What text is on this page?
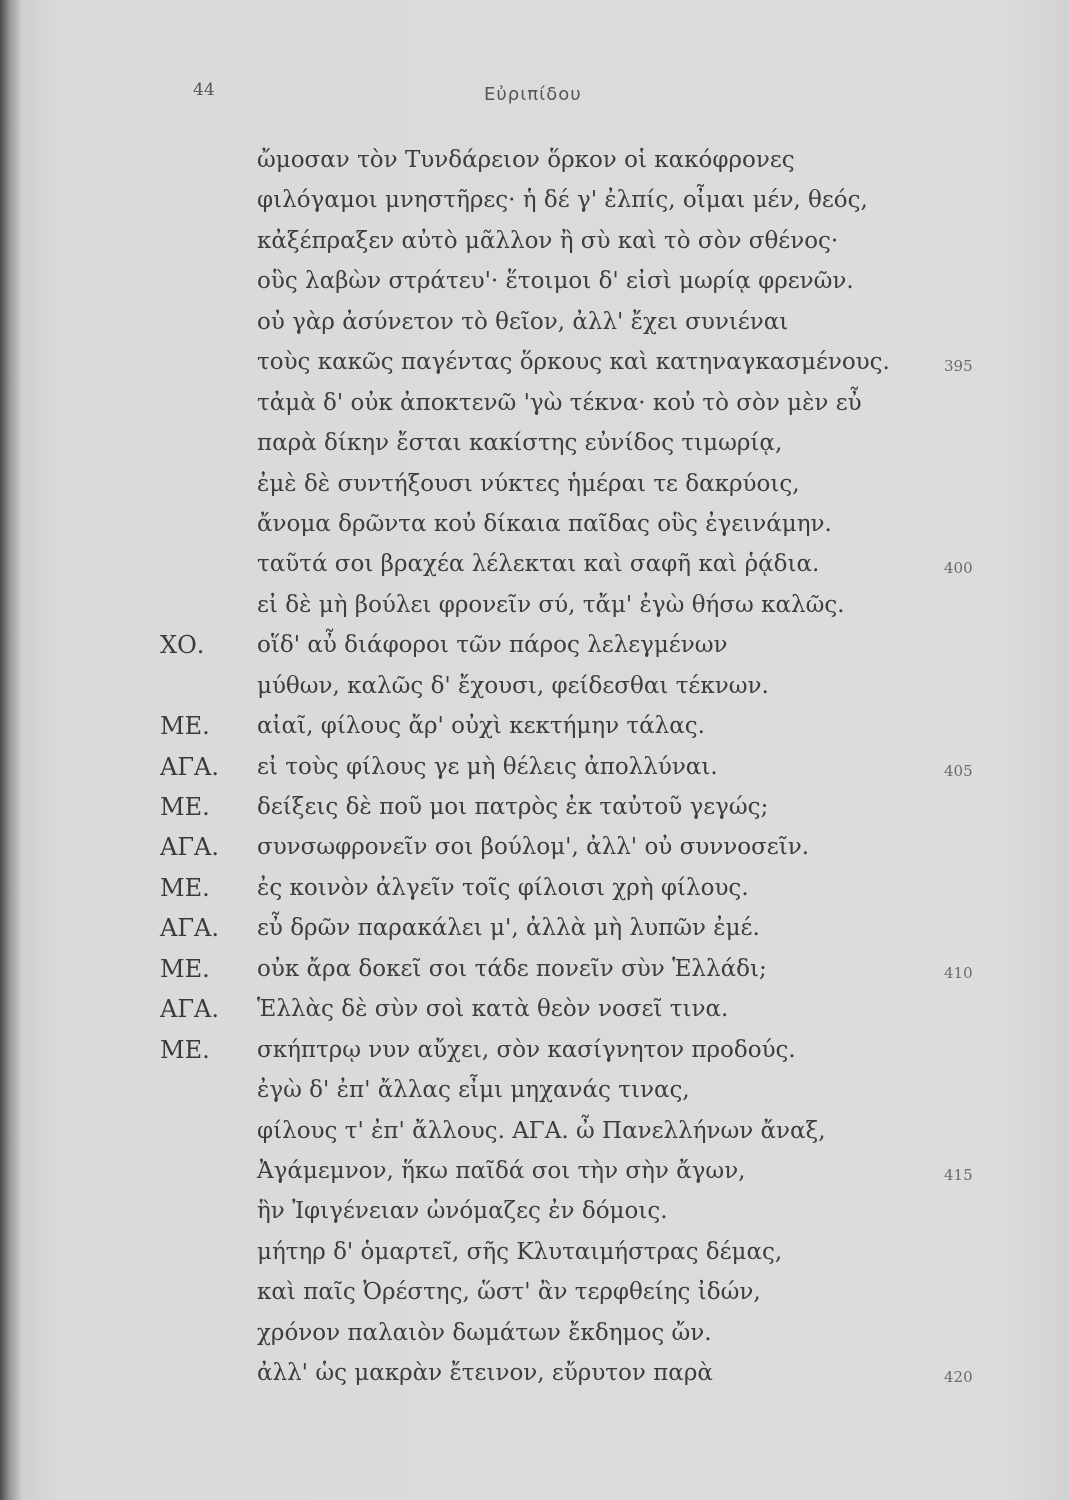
44	Εὐριπίδου
ὤμοσαν τὸν Τυνδάρειον ὅρκον οἱ κακόφρονες
φιλόγαμοι μνηστῆρες· ἡ δέ γ' ἐλπίς, οἶμαι μέν, θεός,
κἀξέπραξεν αὐτὸ μᾶλλον ἢ σὺ καὶ τὸ σὸν σθένος·
οὓς λαβὼν στράτευ'· ἕτοιμοι δ' εἰσὶ μωρίᾳ φρενῶν.
οὐ γὰρ ἀσύνετον τὸ θεῖον, ἀλλ' ἔχει συνιέναι
τοὺς κακῶς παγέντας ὅρκους καὶ κατηναγκασμένους.	395
τἀμὰ δ' οὐκ ἀποκτενῶ 'γὼ τέκνα· κοὐ τὸ σὸν μὲν εὖ
παρὰ δίκην ἔσται κακίστης εὐνίδος τιμωρίᾳ,
ἐμὲ δὲ συντήξουσι νύκτες ἡμέραι τε δακρύοις,
ἄνομα δρῶντα κοὐ δίκαια παῖδας οὓς ἐγεινάμην.
ταῦτά σοι βραχέα λέλεκται καὶ σαφῆ καὶ ῥᾴδια.	400
εἰ δὲ μὴ βούλει φρονεῖν σύ, τἄμ' ἐγὼ θήσω καλῶς.
ΧΟ. οἵδ' αὖ διάφοροι τῶν πάρος λελεγμένων
μύθων, καλῶς δ' ἔχουσι, φείδεσθαι τέκνων.
ΜΕ. αἰαῖ, φίλους ἄρ' οὐχὶ κεκτήμην τάλας.
ΑΓΑ. εἰ τοὺς φίλους γε μὴ θέλεις ἀπολλύναι.	405
ΜΕ. δείξεις δὲ ποῦ μοι πατρὸς ἐκ ταὐτοῦ γεγώς;
ΑΓΑ. συνσωφρονεῖν σοι βούλομ', ἀλλ' οὐ συννοσεῖν.
ΜΕ. ἐς κοινὸν ἀλγεῖν τοῖς φίλοισι χρὴ φίλους.
ΑΓΑ. εὖ δρῶν παρακάλει μ', ἀλλὰ μὴ λυπῶν ἐμέ.
ΜΕ. οὐκ ἄρα δοκεῖ σοι τάδε πονεῖν σὺν Ἑλλάδι;	410
ΑΓΑ. Ἑλλὰς δὲ σὺν σοὶ κατὰ θεὸν νοσεῖ τινα.
ΜΕ. σκήπτρῳ νυν αὔχει, σὸν κασίγνητον προδούς.
ἐγὼ δ' ἐπ' ἄλλας εἶμι μηχανάς τινας,
φίλους τ' ἐπ' ἄλλους. ΑΓΑ. ὦ Πανελλήνων ἄναξ,
Ἀγάμεμνον, ἥκω παῖδά σοι τὴν σὴν ἄγων,	415
ἣν Ἰφιγένειαν ὠνόμαζες ἐν δόμοις.
μήτηρ δ' ὁμαρτεῖ, σῆς Κλυταιμήστρας δέμας,
καὶ παῖς Ὀρέστης, ὥστ' ἂν τερφθείης ἰδών,
χρόνον παλαιὸν δωμάτων ἔκδημος ὤν.
ἀλλ' ὡς μακρὰν ἔτεινον, εὔρυτον παρὰ	420
